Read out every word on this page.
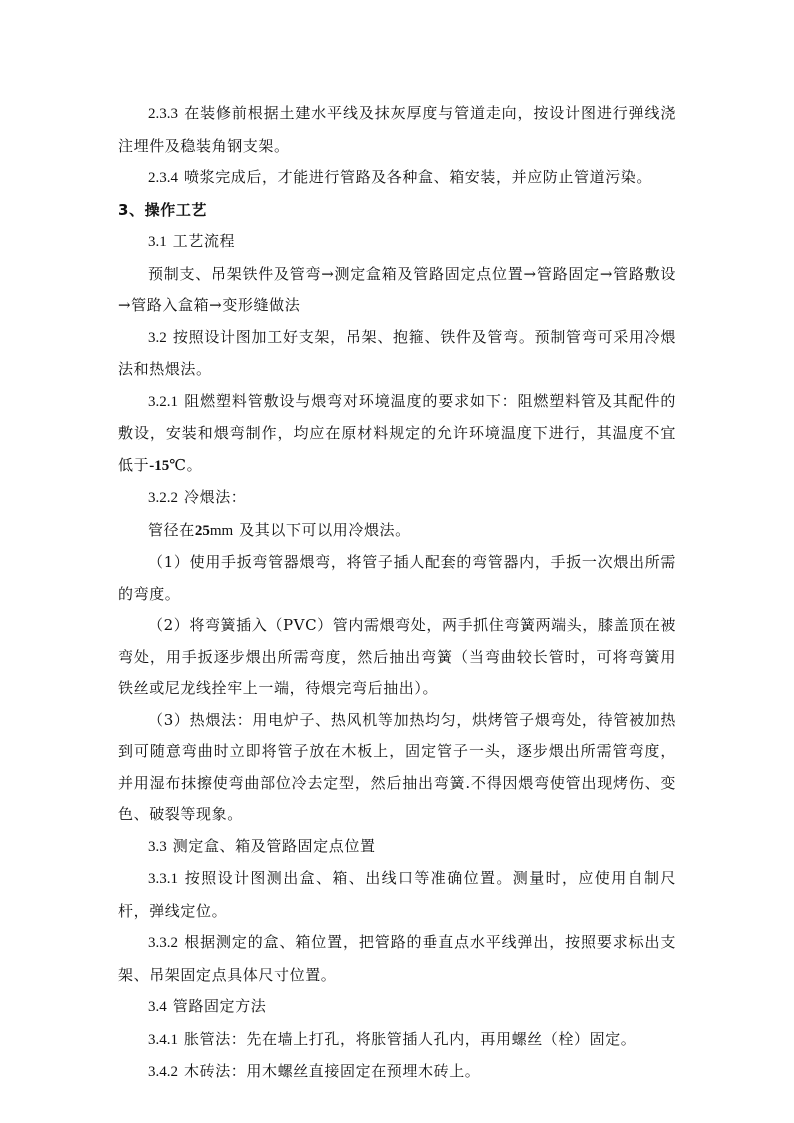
2.3.3 在装修前根据土建水平线及抹灰厚度与管道走向，按设计图进行弹线浇注埋件及稳装角钢支架。

2.3.4 喷浆完成后，才能进行管路及各种盒、箱安装，并应防止管道污染。

3、操作工艺

3.1 工艺流程

预制支、吊架铁件及管弯→测定盒箱及管路固定点位置→管路固定→管路敷设→管路入盒箱→变形缝做法

3.2 按照设计图加工好支架，吊架、抱箍、铁件及管弯。预制管弯可采用冷煨法和热煨法。

3.2.1 阻燃塑料管敷设与煨弯对环境温度的要求如下：阻燃塑料管及其配件的敷设，安装和煨弯制作，均应在原材料规定的允许环境温度下进行，其温度不宜低于-15℃。

3.2.2 冷煨法：

管径在25mm 及其以下可以用冷煨法。

（1）使用手扳弯管器煨弯，将管子插人配套的弯管器内，手扳一次煨出所需的弯度。

（2）将弯簧插入（PVC）管内需煨弯处，两手抓住弯簧两端头，膝盖顶在被弯处，用手扳逐步煨出所需弯度，然后抽出弯簧（当弯曲较长管时，可将弯簧用铁丝或尼龙线拴牢上一端，待煨完弯后抽出）。

（3）热煨法：用电炉子、热风机等加热均匀，烘烤管子煨弯处，待管被加热到可随意弯曲时立即将管子放在木板上，固定管子一头，逐步煨出所需管弯度，并用湿布抹擦使弯曲部位冷去定型，然后抽出弯簧.不得因煨弯使管出现烤伤、变色、破裂等现象。

3.3 测定盒、箱及管路固定点位置

3.3.1 按照设计图测出盒、箱、出线口等准确位置。测量时，应使用自制尺杆，弹线定位。

3.3.2 根据测定的盒、箱位置，把管路的垂直点水平线弹出，按照要求标出支架、吊架固定点具体尺寸位置。

3.4 管路固定方法

3.4.1 胀管法：先在墙上打孔，将胀管插人孔内，再用螺丝（栓）固定。

3.4.2 木砖法：用木螺丝直接固定在预埋木砖上。
